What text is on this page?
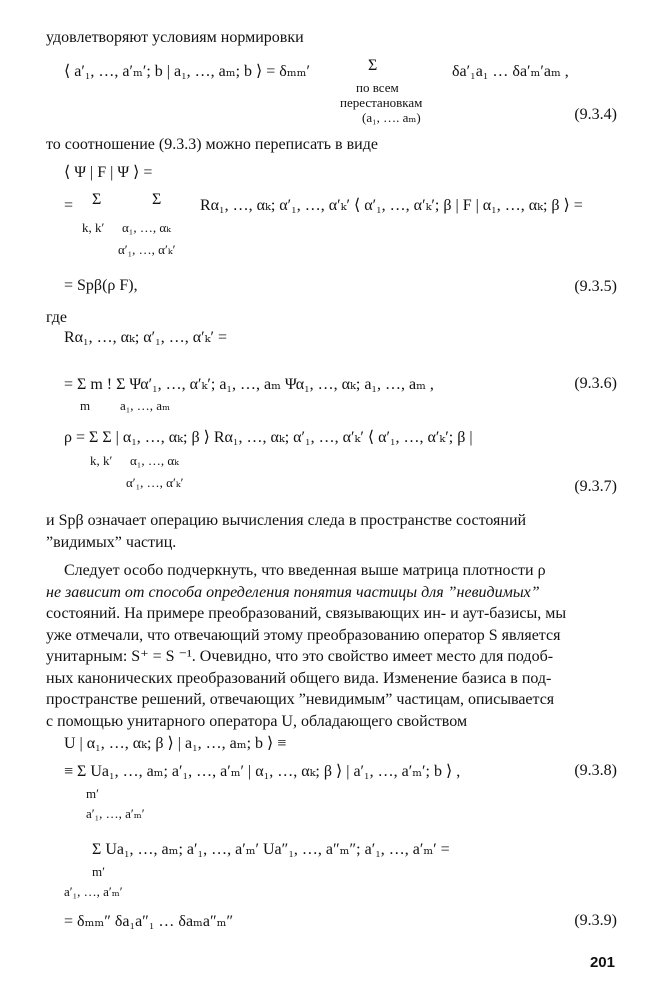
удовлетворяют условиям нормировки
⟨ a′₁, …, a′ₘ′; b | a₁, …, aₘ; b ⟩ = δₘₘ′	Σ
по всем
перестановкам
(a₁, …. aₘ)
δa′₁a₁ … δa′ₘ′aₘ ,
(9.3.4)
то соотношение (9.3.3) можно переписать в виде
⟨ Ψ | F | Ψ ⟩ =
= Σ	Σ
k, k′ α₁, …, αₖ
α′₁, …, α′ₖ′
Rα₁, …, αₖ; α′₁, …, α′ₖ′ ⟨ α′₁, …, α′ₖ′; β | F | α₁, …, αₖ; β ⟩ =
= Spβ(ρ F),	(9.3.5)
где
Rα₁, …, αₖ; α′₁, …, α′ₖ′ =
= Σ m ! Σ Ψα′₁, …, α′ₖ′; a₁, …, aₘ Ψα₁, …, αₖ; a₁, …, aₘ ,
m a₁, …, aₘ
(9.3.6)
ρ = Σ Σ | α₁, …, αₖ; β ⟩ Rα₁, …, αₖ; α′₁, …, α′ₖ′ ⟨ α′₁, …, α′ₖ′; β |
k, k′ α₁, …, αₖ
α′₁, …, α′ₖ′	(9.3.7)

и Spβ означает операцию вычисления следа в пространстве состояний

”видимых” частиц.

Следует особо подчеркнуть, что введенная выше матрица плотности ρ

не зависит от способа определения понятия частицы для ”невидимых”

состояний. На примере преобразований, связывающих ин- и аут-базисы, мы

уже отмечали, что отвечающий этому преобразованию оператор S является

унитарным: S⁺ = S ⁻¹. Очевидно, что это свойство имеет место для подоб-

ных канонических преобразований общего вида. Изменение базиса в под-

пространстве решений, отвечающих ”невидимым” частицам, описывается

с помощью унитарного оператора U, обладающего свойством

U | α₁, …, αₖ; β ⟩ | a₁, …, aₘ; b ⟩ ≡
≡ Σ Ua₁, …, aₘ; a′₁, …, a′ₘ′ | α₁, …, αₖ; β ⟩ | a′₁, …, a′ₘ′; b ⟩ ,
m′
a′₁, …, a′ₘ′
(9.3.8)
Σ Ua₁, …, aₘ; a′₁, …, a′ₘ′ Ua″₁, …, a″ₘ″; a′₁, …, a′ₘ′ =
m′
a′₁, …, a′ₘ′
= δₘₘ″ δa₁a″₁ … δaₘa″ₘ″	(9.3.9)
201
